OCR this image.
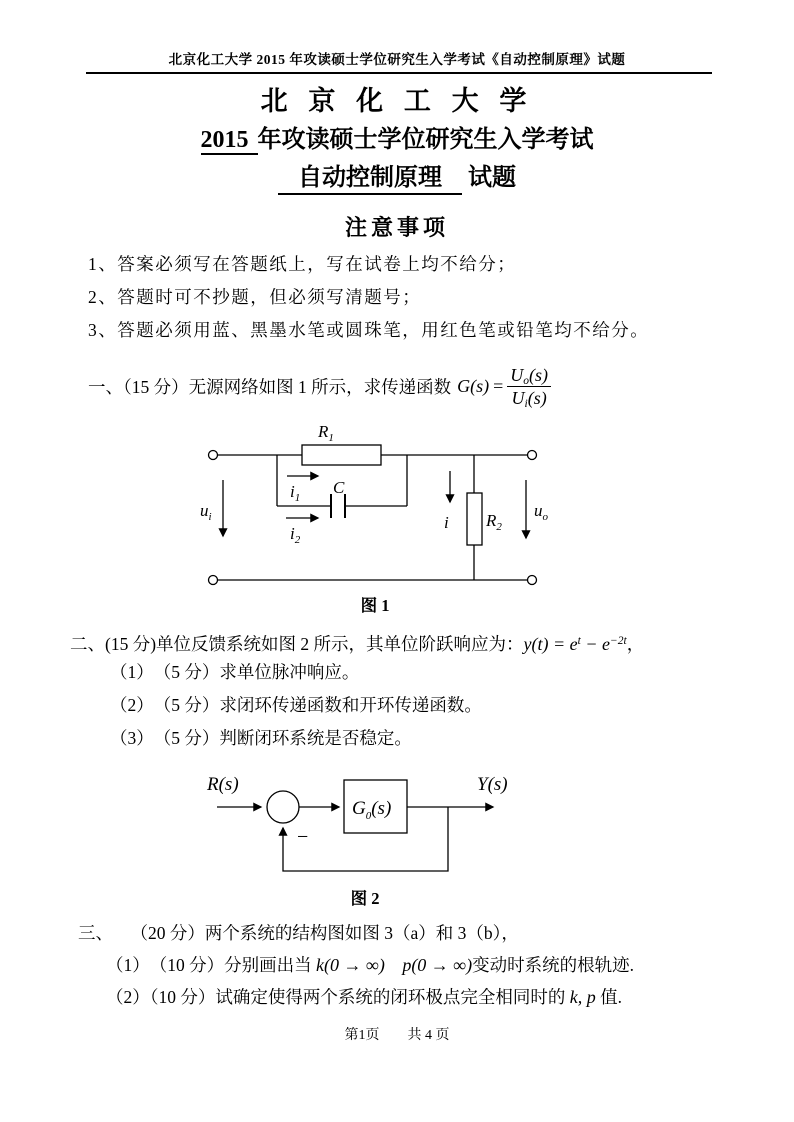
北京化工大学 2015 年攻读硕士学位研究生入学考试《自动控制原理》试题
北 京 化 工 大 学
2015 年攻读硕士学位研究生入学考试
自动控制原理 试题
注意事项

1、答案必须写在答题纸上，写在试卷上均不给分；

2、答题时可不抄题，但必须写清题号；

3、答题必须用蓝、黑墨水笔或圆珠笔，用红色笔或铅笔均不给分。

一、（15 分）无源网络如图 1 所示，求传递函数 $G(s) = \frac{Uo(s)}{Ui(s)}$
$R_1$
C
$i_1$
$i_2$
$R_2$
i
$u_i$	$u_o$
图 1
二、(15 分)单位反馈系统如图 2 所示，其单位阶跃响应为：$y(t) = e^t - e^{-2t}$，
（1）　（5 分）求单位脉冲响应。
（2）　（5 分）求闭环传递函数和开环传递函数。
（3）　（5 分）判断闭环系统是否稳定。
R(s)	Y(s)
−
$G_0(s)$
图 2
三、　　（20 分）两个系统的结构图如图 3（a）和 3（b），
（1）　（10 分）分别画出当 k(0 → ∞)　 p(0 → ∞)变动时系统的根轨迹.
（2）（10 分）试确定使得两个系统的闭环极点完全相同时的 k, p 值.
第1页　　共 4 页
